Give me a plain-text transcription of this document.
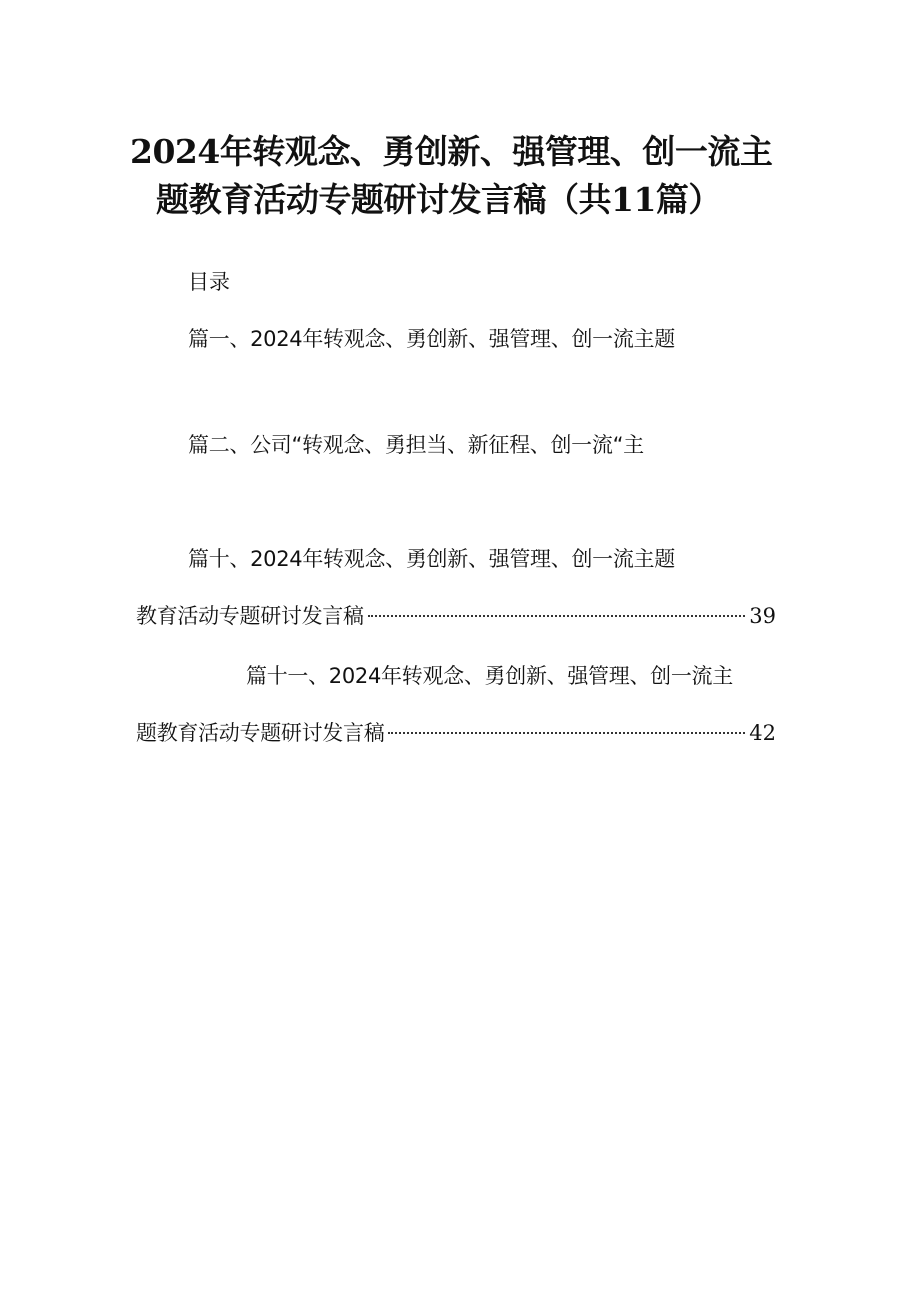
2024年转观念、勇创新、强管理、创一流主
题教育活动专题研讨发言稿（共11篇）
目录
篇一、2024年转观念、勇创新、强管理、创一流主题
篇二、公司“转观念、勇担当、新征程、创一流“主
篇十、2024年转观念、勇创新、强管理、创一流主题
教育活动专题研讨发言稿	39
篇十一、2024年转观念、勇创新、强管理、创一流主
题教育活动专题研讨发言稿	42
